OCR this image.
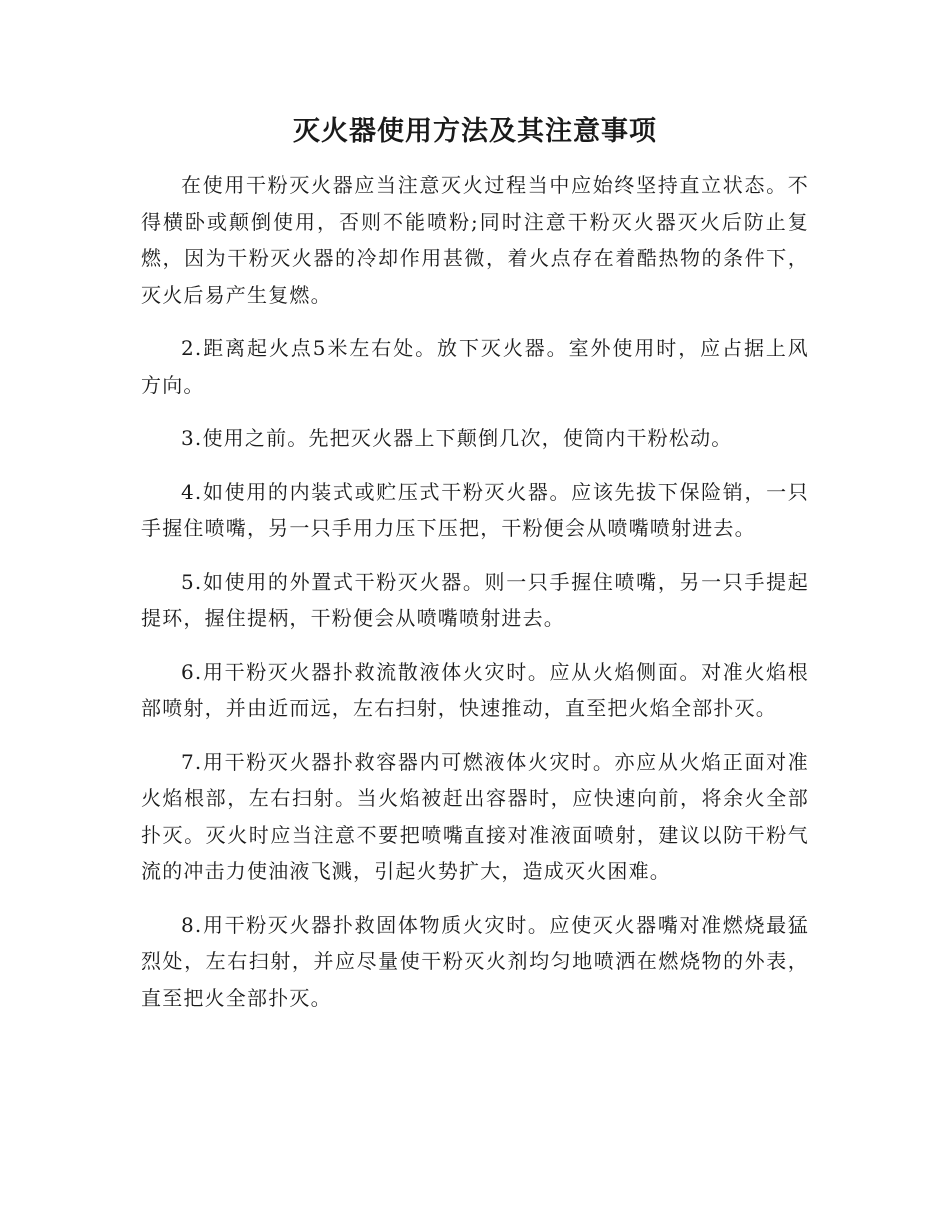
灭火器使用方法及其注意事项

在使用干粉灭火器应当注意灭火过程当中应始终坚持直立状态。不得横卧或颠倒使用，否则不能喷粉;同时注意干粉灭火器灭火后防止复燃，因为干粉灭火器的冷却作用甚微，着火点存在着酷热物的条件下，灭火后易产生复燃。

2.距离起火点5米左右处。放下灭火器。室外使用时，应占据上风方向。

3.使用之前。先把灭火器上下颠倒几次，使筒内干粉松动。

4.如使用的内装式或贮压式干粉灭火器。应该先拔下保险销，一只手握住喷嘴，另一只手用力压下压把，干粉便会从喷嘴喷射进去。

5.如使用的外置式干粉灭火器。则一只手握住喷嘴，另一只手提起提环，握住提柄，干粉便会从喷嘴喷射进去。

6.用干粉灭火器扑救流散液体火灾时。应从火焰侧面。对准火焰根部喷射，并由近而远，左右扫射，快速推动，直至把火焰全部扑灭。

7.用干粉灭火器扑救容器内可燃液体火灾时。亦应从火焰正面对准火焰根部，左右扫射。当火焰被赶出容器时，应快速向前，将余火全部扑灭。灭火时应当注意不要把喷嘴直接对准液面喷射，建议以防干粉气流的冲击力使油液飞溅，引起火势扩大，造成灭火困难。

8.用干粉灭火器扑救固体物质火灾时。应使灭火器嘴对准燃烧最猛烈处，左右扫射，并应尽量使干粉灭火剂均匀地喷洒在燃烧物的外表，直至把火全部扑灭。
